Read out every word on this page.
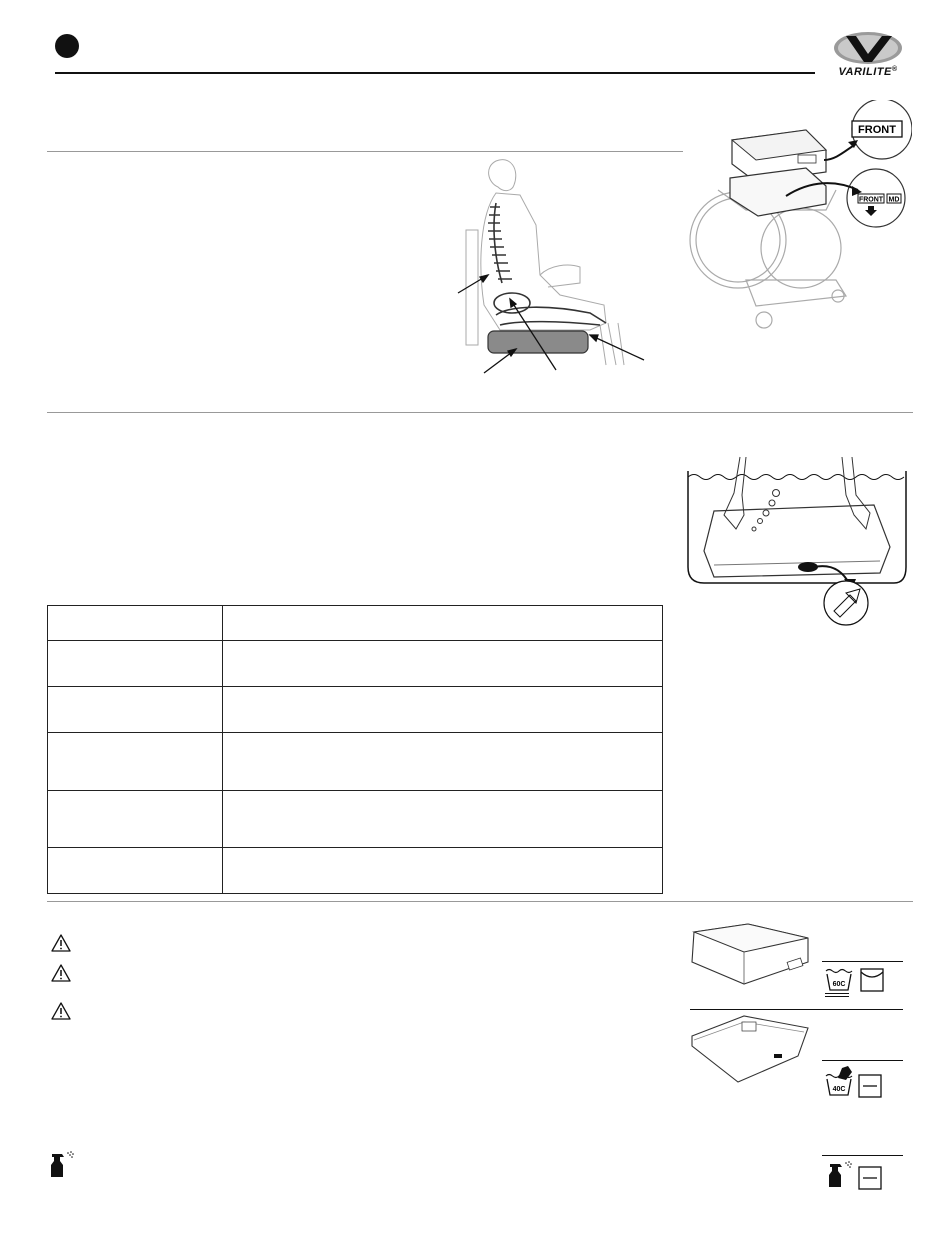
VARILITE®
FRONT
FRONT MD

60C
40C
